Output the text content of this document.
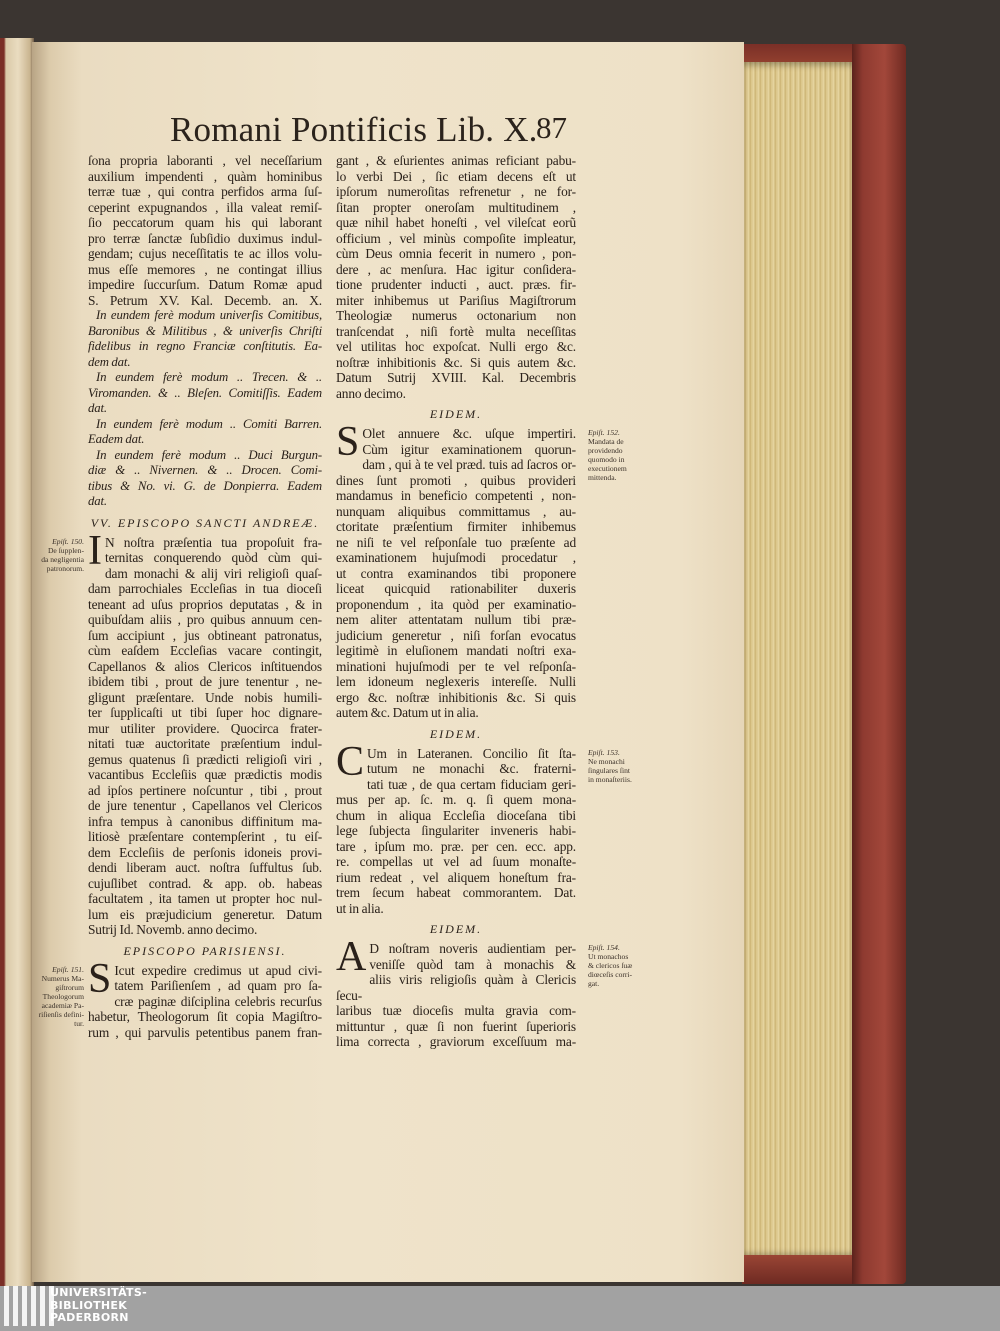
Romani Pontificis Lib. X.
87
ſona propria laboranti , vel neceſſarium
auxilium impendenti , quàm hominibus
terræ tuæ , qui contra perfidos arma ſuſ-
ceperint expugnandos , illa valeat remiſ-
ſio peccatorum quam his qui laborant
pro terræ ſanctæ ſubſidio duximus indul-
gendam; cujus neceſſitatis te ac illos volu-
mus eſſe memores , ne contingat illius
impedire ſuccurſum. Datum Romæ apud
S. Petrum XV. Kal. Decemb. an. X.
In eundem ferè modum univerſis Comitibus,
Baronibus & Militibus , & univerſis Chriſti
fidelibus in regno Franciæ conſtitutis. Ea-
dem dat.
In eundem ferè modum .. Trecen. & ..
Viromanden. & .. Bleſen. Comitiſſis. Eadem
dat.
In eundem ferè modum .. Comiti Barren.
Eadem dat.
In eundem ferè modum .. Duci Burgun-
diæ & .. Nivernen. & .. Drocen. Comi-
tibus & No. vi. G. de Donpierra. Eadem
dat.
VV. EPISCOPO SANCTI ANDREÆ.
Epiſt. 150.
De ſupplen-
da negligentia
patronorum. I N noſtra præſentia tua propoſuit fra-
ternitas conquerendo quòd cùm qui-
dam monachi & alij viri religioſi quaſ-
dam parrochiales Eccleſias in tua dioceſi
teneant ad uſus proprios deputatas , & in
quibuſdam aliis , pro quibus annuum cen-
ſum accipiunt , jus obtineant patronatus,
cùm eaſdem Eccleſias vacare contingit,
Capellanos & alios Clericos inſtituendos
ibidem tibi , prout de jure tenentur , ne-
gligunt præſentare. Unde nobis humili-
ter ſupplicaſti ut tibi ſuper hoc dignare-
mur utiliter providere. Quocirca frater-
nitati tuæ auctoritate præſentium indul-
gemus quatenus ſi prædicti religioſi viri ,
vacantibus Eccleſiis quæ prædictis modis
ad ipſos pertinere noſcuntur , tibi , prout
de jure tenentur , Capellanos vel Clericos
infra tempus à canonibus diffinitum ma-
litiosè præſentare contempſerint , tu eiſ-
dem Eccleſiis de perſonis idoneis provi-
dendi liberam auct. noſtra ſuffultus ſub.
cujuſlibet contrad. & app. ob. habeas
facultatem , ita tamen ut propter hoc nul-
lum eis præjudicium generetur. Datum
Sutrij Id. Novemb. anno decimo.
EPISCOPO PARISIENSI.
Epiſt. 151.
Numerus Ma-
giſtrorum
Theologorum
academiæ Pa-
riſienſis defini-
tur.
S Icut expedire credimus ut apud civi-
tatem Pariſienſem , ad quam pro ſa-
cræ paginæ diſciplina celebris recurſus
habetur, Theologorum ſit copia Magiſtro-
rum , qui parvulis petentibus panem fran-
gant , & eſurientes animas reficiant pabu-
lo verbi Dei , ſic etiam decens eſt ut
ipſorum numeroſitas refrenetur , ne for-
ſitan propter oneroſam multitudinem ,
quæ nihil habet honeſti , vel vileſcat eorũ
officium , vel minùs compoſite impleatur,
cùm Deus omnia fecerit in numero , pon-
dere , ac menſura. Hac igitur conſidera-
tione prudenter inducti , auct. præs. fir-
miter inhibemus ut Pariſius Magiſtrorum
Theologiæ numerus octonarium non
tranſcendat , niſi fortè multa neceſſitas
vel utilitas hoc expoſcat. Nulli ergo &c.
noſtræ inhibitionis &c. Si quis autem &c.
Datum Sutrij XVIII. Kal. Decembris
anno decimo.
EIDEM.
Epiſt. 152.
Mandata de
providendo
quomodo in
executionem
mittenda.
S Olet annuere &c. uſque impertiri.
Cùm igitur examinationem quorun-
dam , qui à te vel præd. tuis ad ſacros or-
dines ſunt promoti , quibus provideri
mandamus in beneficio competenti , non-
nunquam aliquibus committamus , au-
ctoritate præſentium firmiter inhibemus
ne niſi te vel reſponſale tuo præſente ad
examinationem hujuſmodi procedatur ,
ut contra examinandos tibi proponere
liceat quicquid rationabiliter duxeris
proponendum , ita quòd per examinatio-
nem aliter attentatam nullum tibi præ-
judicium generetur , niſi forſan evocatus
legitimè in eluſionem mandati noſtri exa-
minationi hujuſmodi per te vel reſponſa-
lem idoneum neglexeris intereſſe. Nulli
ergo &c. noſtræ inhibitionis &c. Si quis
autem &c. Datum ut in alia.
EIDEM.
Epiſt. 153.
Ne monachi
ſingulares ſint
in monaſteriis.
C Um in Lateranen. Concilio ſit ſta-
tutum ne monachi &c. fraterni-
tati tuæ , de qua certam fiduciam geri-
mus per ap. ſc. m. q. ſi quem mona-
chum in aliqua Eccleſia dioceſana tibi
lege ſubjecta ſingulariter inveneris habi-
tare , ipſum mo. præ. per cen. ecc. app.
re. compellas ut vel ad ſuum monaſte-
rium redeat , vel aliquem honeſtum fra-
trem ſecum habeat commorantem. Dat.
ut in alia.
EIDEM.
Epiſt. 154.
Ut monachos
& clericos ſuæ
diœceſis corri-
gat.
A D noſtram noveris audientiam per-
veniſſe quòd tam à monachis &
aliis viris religioſis quàm à Clericis ſecu-
laribus tuæ dioceſis multa gravia com-
mittuntur , quæ ſi non fuerint ſuperioris
lima correcta , graviorum exceſſuum ma-
UNIVERSITÄTS-
BIBLIOTHEK
PADERBORN
